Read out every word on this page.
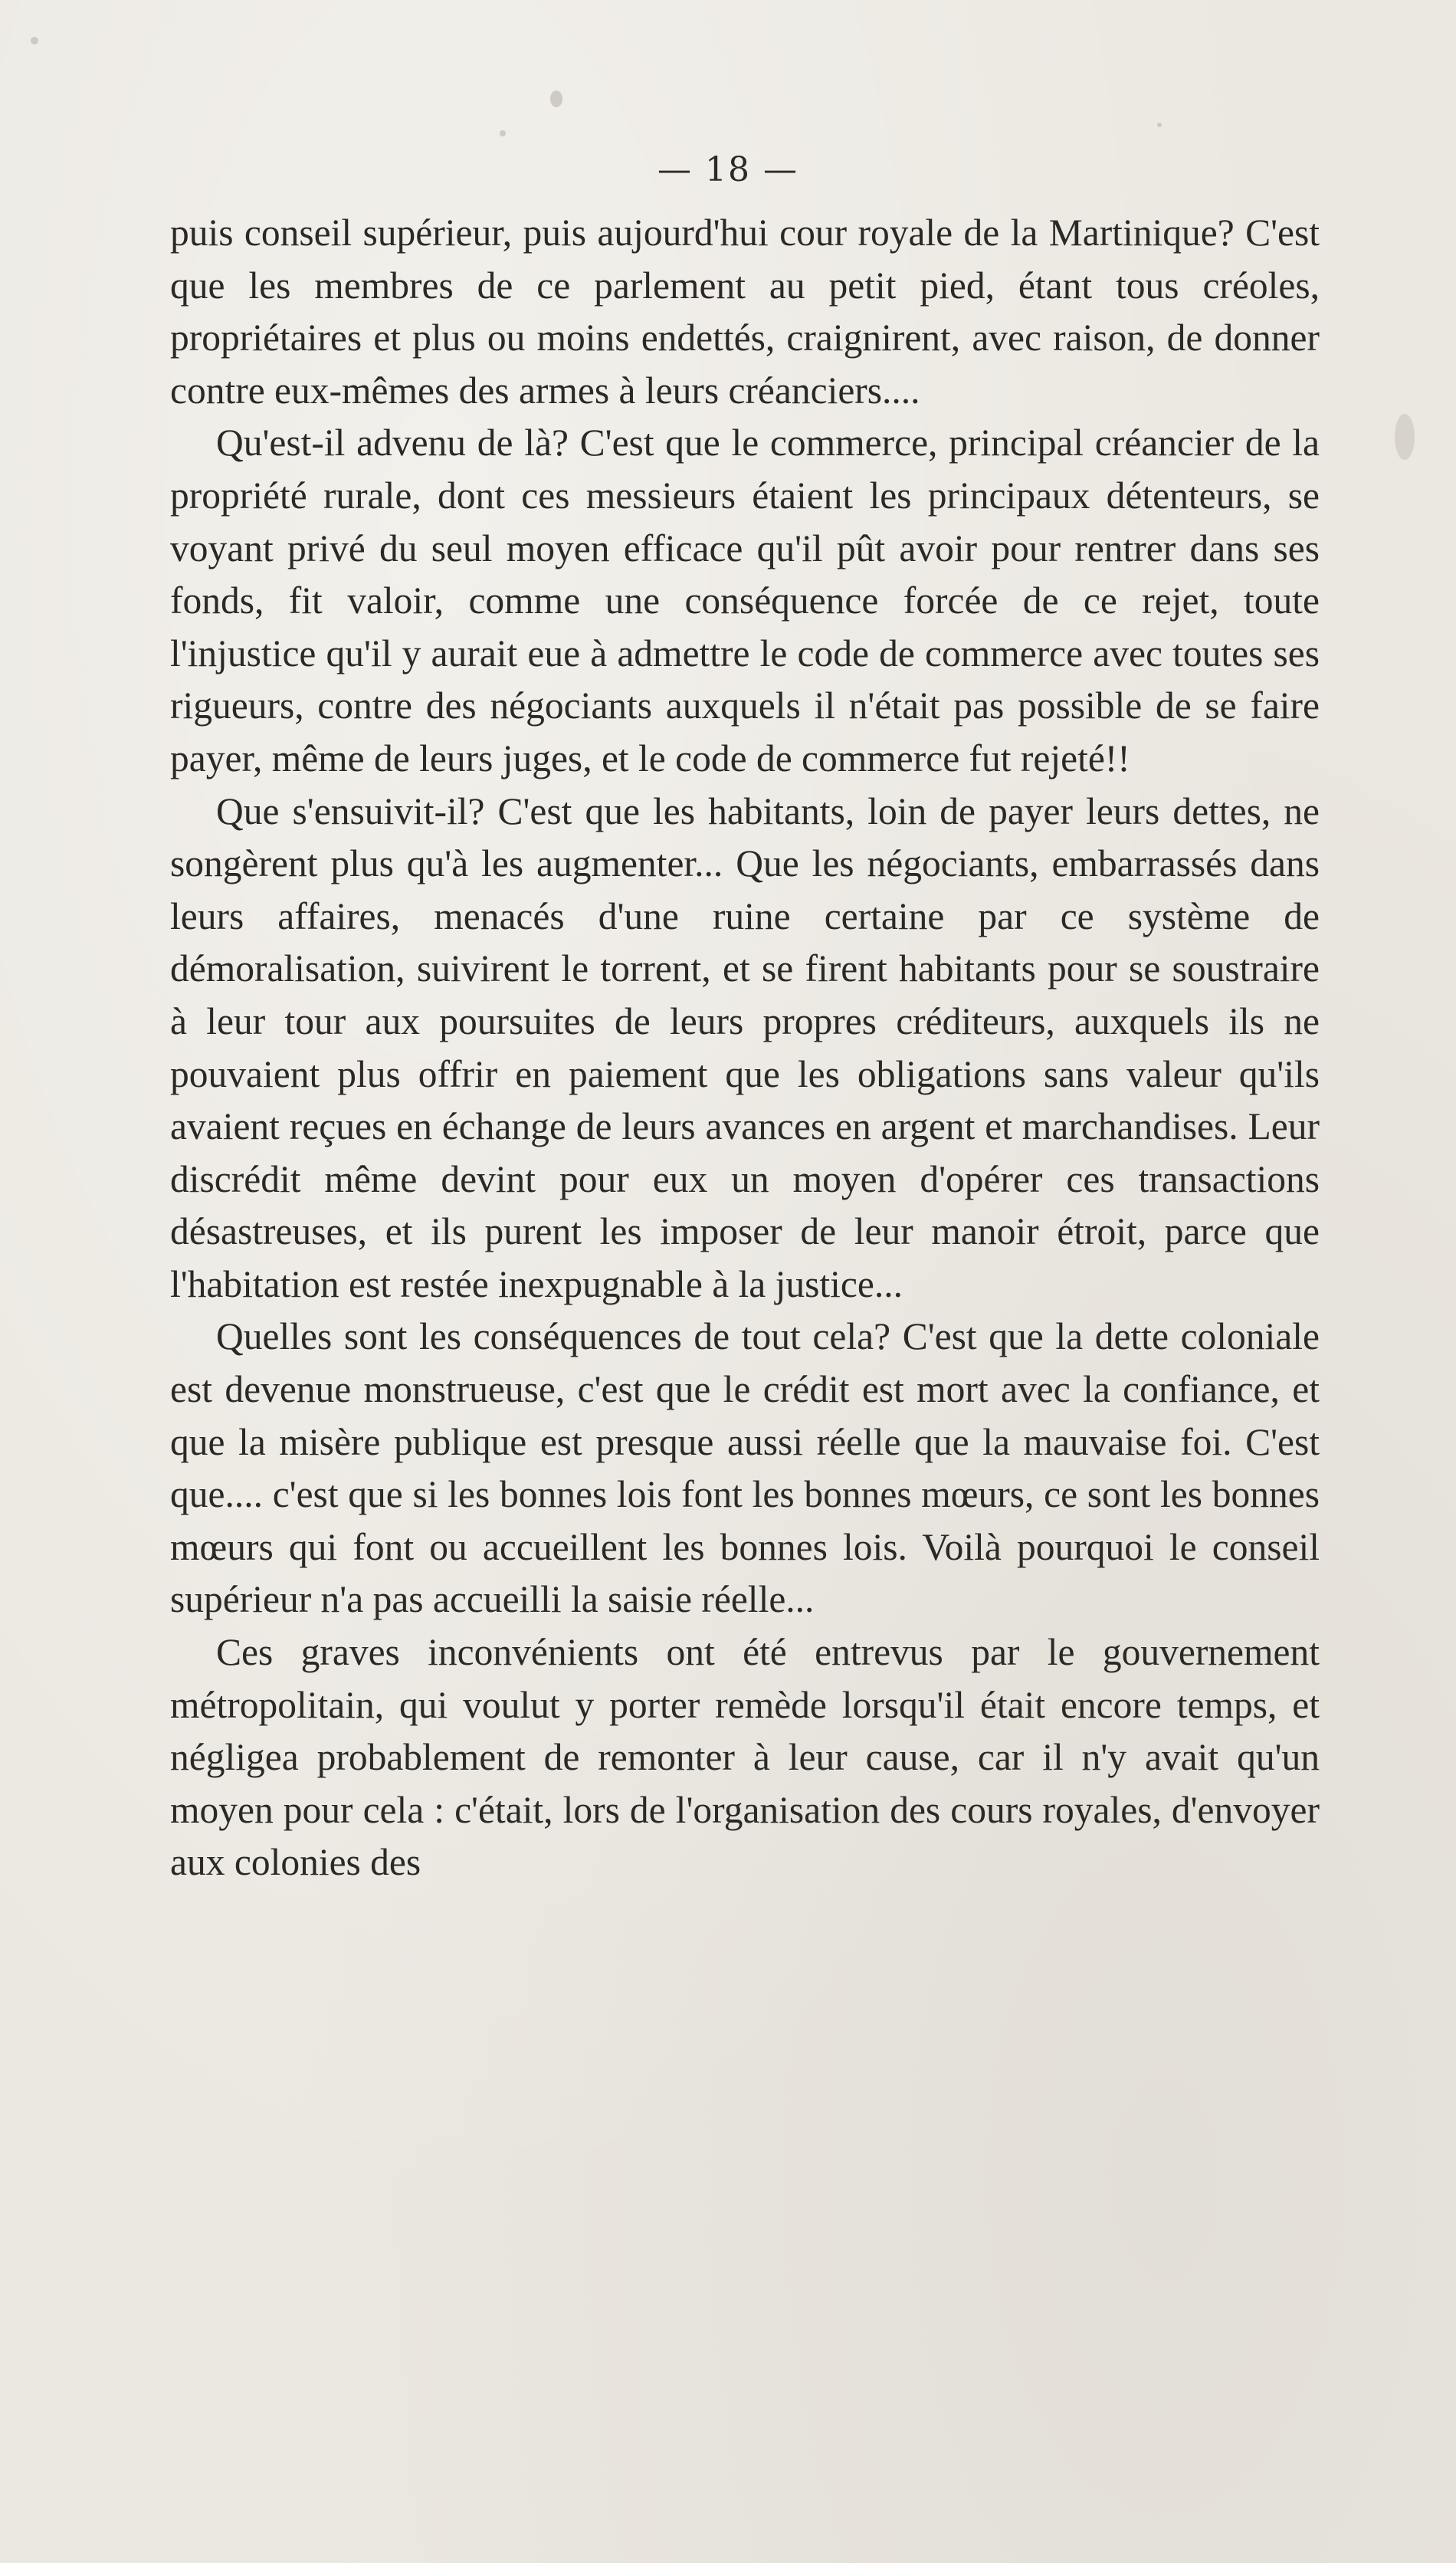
— 18 —

puis conseil supérieur, puis aujourd'hui cour royale de la Martinique? C'est que les membres de ce parlement au petit pied, étant tous créoles, propriétaires et plus ou moins endettés, craignirent, avec raison, de donner contre eux-mêmes des armes à leurs créanciers....

Qu'est-il advenu de là? C'est que le commerce, principal créancier de la propriété rurale, dont ces messieurs étaient les principaux détenteurs, se voyant privé du seul moyen efficace qu'il pût avoir pour rentrer dans ses fonds, fit valoir, comme une conséquence forcée de ce rejet, toute l'injustice qu'il y aurait eue à admettre le code de commerce avec toutes ses rigueurs, contre des négociants auxquels il n'était pas possible de se faire payer, même de leurs juges, et le code de commerce fut rejeté!!

Que s'ensuivit-il? C'est que les habitants, loin de payer leurs dettes, ne songèrent plus qu'à les augmenter... Que les négociants, embarrassés dans leurs affaires, menacés d'une ruine certaine par ce système de démoralisation, suivirent le torrent, et se firent habitants pour se soustraire à leur tour aux poursuites de leurs propres créditeurs, auxquels ils ne pouvaient plus offrir en paiement que les obligations sans valeur qu'ils avaient reçues en échange de leurs avances en argent et marchandises. Leur discrédit même devint pour eux un moyen d'opérer ces transactions désastreuses, et ils purent les imposer de leur manoir étroit, parce que l'habitation est restée inexpugnable à la justice...

Quelles sont les conséquences de tout cela? C'est que la dette coloniale est devenue monstrueuse, c'est que le crédit est mort avec la confiance, et que la misère publique est presque aussi réelle que la mauvaise foi. C'est que.... c'est que si les bonnes lois font les bonnes mœurs, ce sont les bonnes mœurs qui font ou accueillent les bonnes lois. Voilà pourquoi le conseil supérieur n'a pas accueilli la saisie réelle...

Ces graves inconvénients ont été entrevus par le gouvernement métropolitain, qui voulut y porter remède lorsqu'il était encore temps, et négligea probablement de remonter à leur cause, car il n'y avait qu'un moyen pour cela : c'était, lors de l'organisation des cours royales, d'envoyer aux colonies des
